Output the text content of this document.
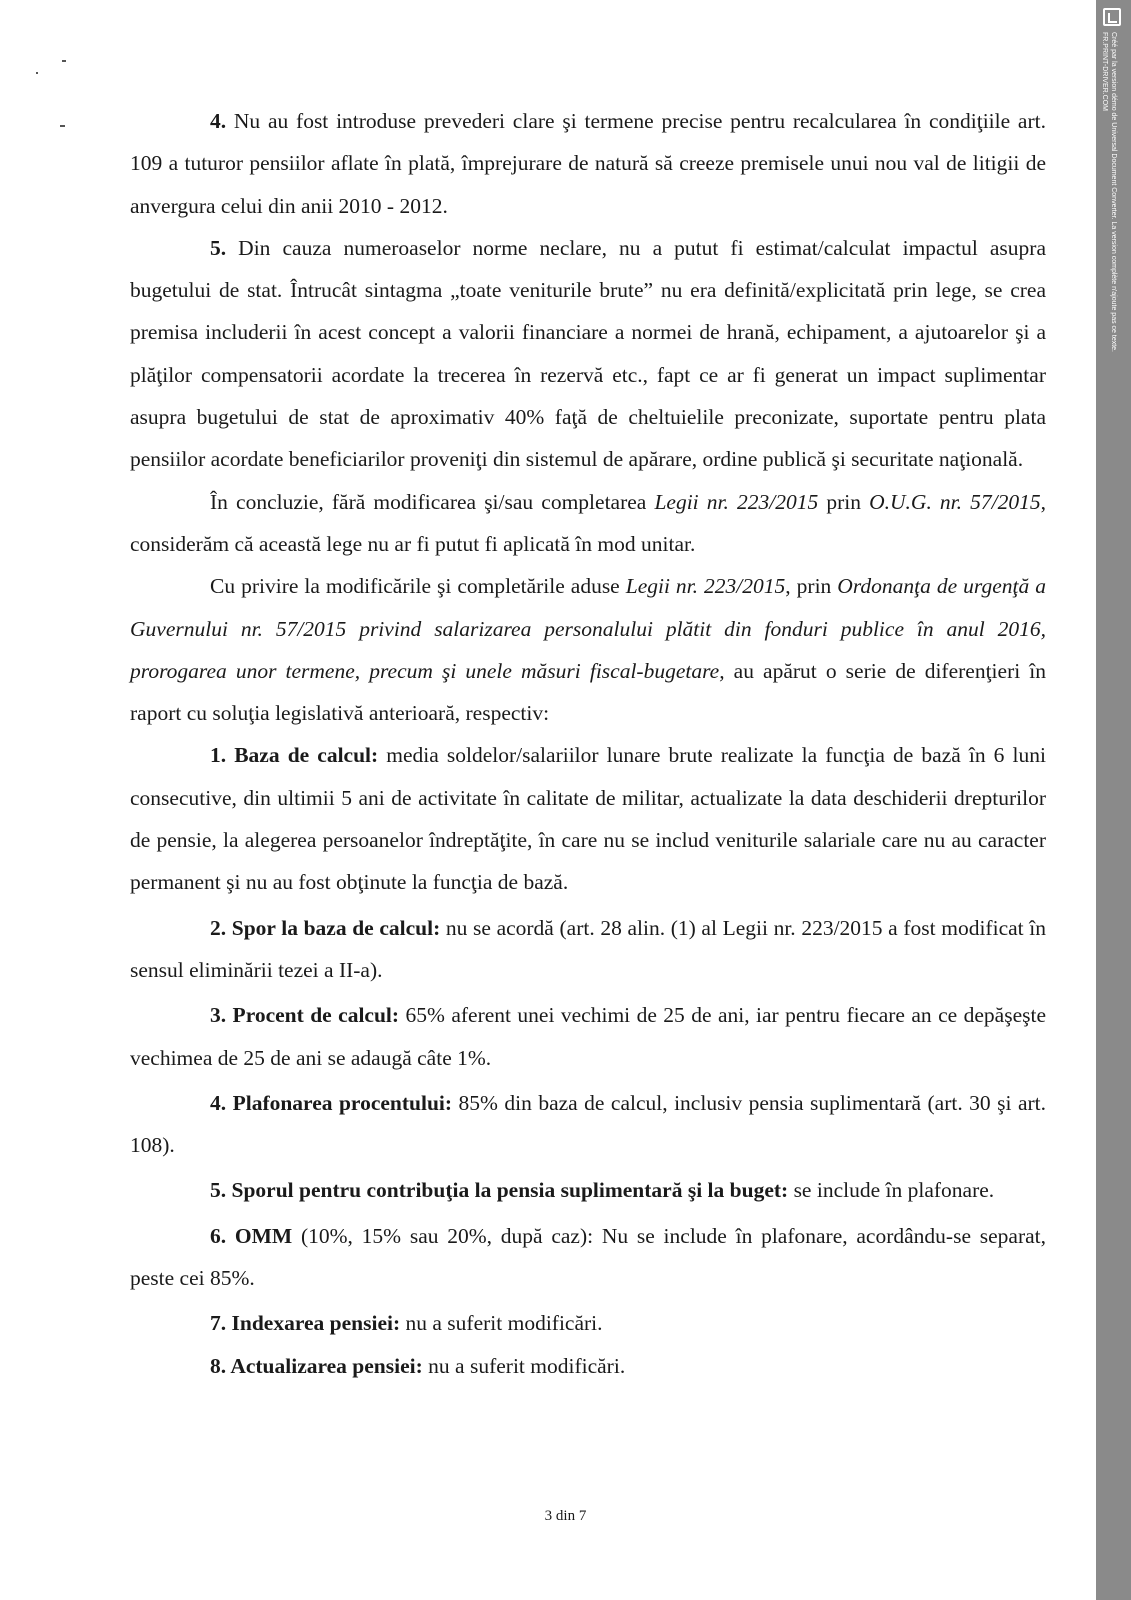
4. Nu au fost introduse prevederi clare şi termene precise pentru recalcularea în condiţiile art. 109 a tuturor pensiilor aflate în plată, împrejurare de natură să creeze premisele unui nou val de litigii de anvergura celui din anii 2010 - 2012.

5. Din cauza numeroaselor norme neclare, nu a putut fi estimat/calculat impactul asupra bugetului de stat. Întrucât sintagma „toate veniturile brute” nu era definită/explicitată prin lege, se crea premisa includerii în acest concept a valorii financiare a normei de hrană, echipament, a ajutoarelor şi a plăţilor compensatorii acordate la trecerea în rezervă etc., fapt ce ar fi generat un impact suplimentar asupra bugetului de stat de aproximativ 40% faţă de cheltuielile preconizate, suportate pentru plata pensiilor acordate beneficiarilor proveniţi din sistemul de apărare, ordine publică şi securitate naţională.

În concluzie, fără modificarea şi/sau completarea Legii nr. 223/2015 prin O.U.G. nr. 57/2015, considerăm că această lege nu ar fi putut fi aplicată în mod unitar.

Cu privire la modificările şi completările aduse Legii nr. 223/2015, prin Ordonanţa de urgenţă a Guvernului nr. 57/2015 privind salarizarea personalului plătit din fonduri publice în anul 2016, prorogarea unor termene, precum şi unele măsuri fiscal-bugetare, au apărut o serie de diferenţieri în raport cu soluţia legislativă anterioară, respectiv:

1. Baza de calcul: media soldelor/salariilor lunare brute realizate la funcţia de bază în 6 luni consecutive, din ultimii 5 ani de activitate în calitate de militar, actualizate la data deschiderii drepturilor de pensie, la alegerea persoanelor îndreptăţite, în care nu se includ veniturile salariale care nu au caracter permanent şi nu au fost obţinute la funcţia de bază.

2. Spor la baza de calcul: nu se acordă (art. 28 alin. (1) al Legii nr. 223/2015 a fost modificat în sensul eliminării tezei a II-a).

3. Procent de calcul: 65% aferent unei vechimi de 25 de ani, iar pentru fiecare an ce depăşeşte vechimea de 25 de ani se adaugă câte 1%.

4. Plafonarea procentului: 85% din baza de calcul, inclusiv pensia suplimentară (art. 30 şi art. 108).

5. Sporul pentru contribuţia la pensia suplimentară şi la buget: se include în plafonare.

6. OMM (10%, 15% sau 20%, după caz): Nu se include în plafonare, acordându-se separat, peste cei 85%.

7. Indexarea pensiei: nu a suferit modificări.

8. Actualizarea pensiei: nu a suferit modificări.

3 din 7
Créé par la version démo de Universal Document Converter. La version complète n'ajoute pas ce texte.
FR.PRINT-DRIVER.COM
